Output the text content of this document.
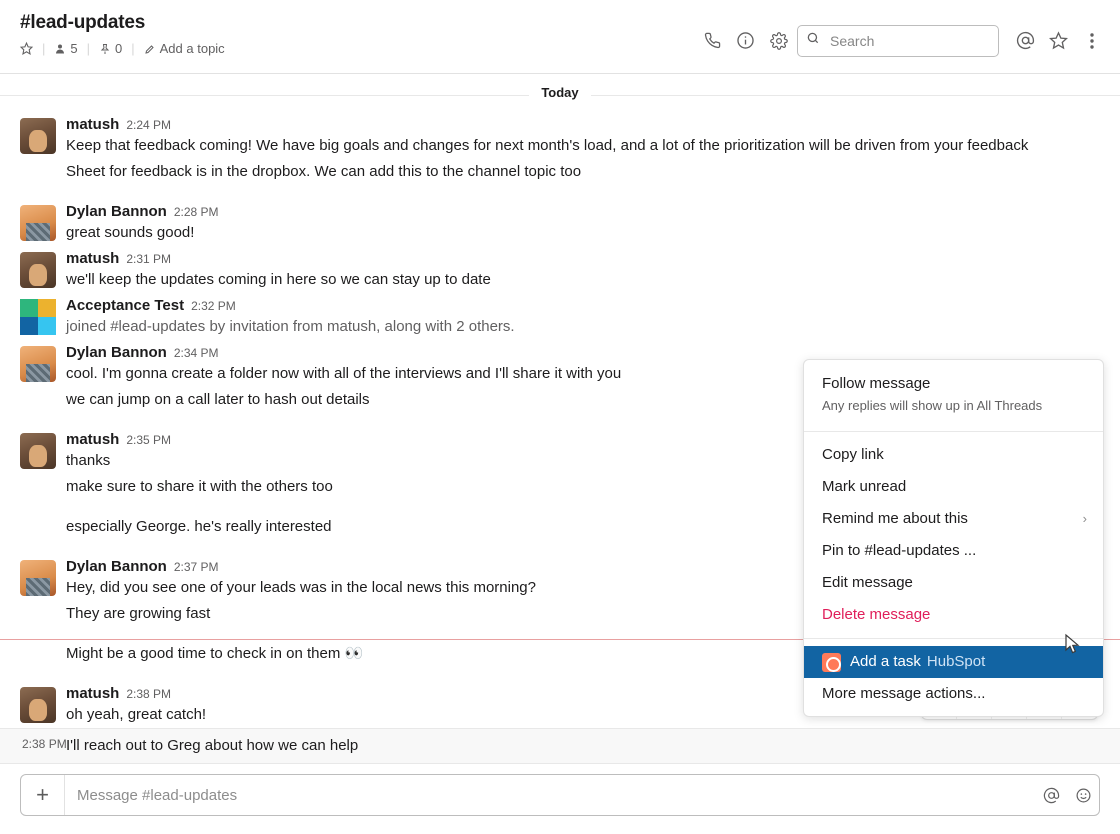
#lead-updates
| 5 | 0 | Add a topic
Search
Today
matush 2:24 PM
Keep that feedback coming! We have big goals and changes for next month's load, and a lot of the prioritization will be driven from your feedback
Sheet for feedback is in the dropbox. We can add this to the channel topic too
Dylan Bannon 2:28 PM
great sounds good!
matush 2:31 PM
we'll keep the updates coming in here so we can stay up to date
Acceptance Test 2:32 PM
joined #lead-updates by invitation from matush, along with 2 others.
Dylan Bannon 2:34 PM
cool. I'm gonna create a folder now with all of the interviews and I'll share it with you
we can jump on a call later to hash out details
matush 2:35 PM
thanks
make sure to share it with the others too
especially George. he's really interested
Dylan Bannon 2:37 PM
Hey, did you see one of your leads was in the local news this morning?
They are growing fast
Might be a good time to check in on them 👀
matush 2:38 PM
oh yeah, great catch!
2:38 PM I'll reach out to Greg about how we can help
Follow message
Any replies will show up in All Threads
Copy link
Mark unread
Remind me about this	›
Pin to #lead-updates ...
Edit message
Delete message
Add a task HubSpot
More message actions...
+
Message #lead-updates
